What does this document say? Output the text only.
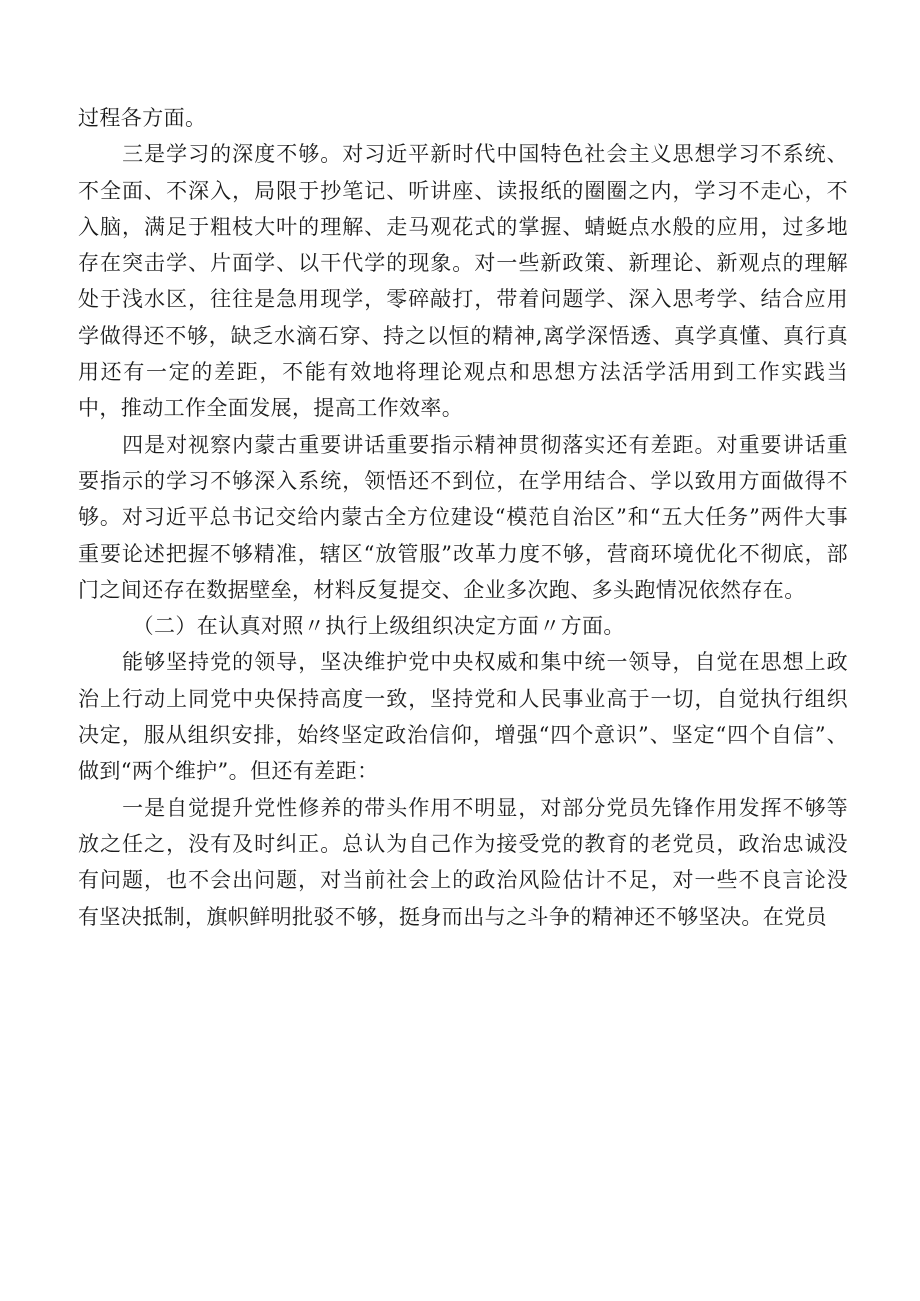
过程各方面。

三是学习的深度不够。对习近平新时代中国特色社会主义思想学习不系统、不全面、不深入，局限于抄笔记、听讲座、读报纸的圈圈之内，学习不走心，不入脑，满足于粗枝大叶的理解、走马观花式的掌握、蜻蜓点水般的应用，过多地存在突击学、片面学、以干代学的现象。对一些新政策、新理论、新观点的理解处于浅水区，往往是急用现学，零碎敲打，带着问题学、深入思考学、结合应用学做得还不够，缺乏水滴石穿、持之以恒的精神,离学深悟透、真学真懂、真行真用还有一定的差距，不能有效地将理论观点和思想方法活学活用到工作实践当中，推动工作全面发展，提高工作效率。

四是对视察内蒙古重要讲话重要指示精神贯彻落实还有差距。对重要讲话重要指示的学习不够深入系统，领悟还不到位，在学用结合、学以致用方面做得不够。对习近平总书记交给内蒙古全方位建设“模范自治区”和“五大任务”两件大事重要论述把握不够精准，辖区“放管服”改革力度不够，营商环境优化不彻底，部门之间还存在数据壁垒，材料反复提交、企业多次跑、多头跑情况依然存在。

（二）在认真对照〃执行上级组织决定方面〃方面。

能够坚持党的领导，坚决维护党中央权威和集中统一领导，自觉在思想上政治上行动上同党中央保持高度一致，坚持党和人民事业高于一切，自觉执行组织决定，服从组织安排，始终坚定政治信仰，增强“四个意识”、坚定“四个自信”、做到“两个维护”。但还有差距：

一是自觉提升党性修养的带头作用不明显，对部分党员先锋作用发挥不够等放之任之，没有及时纠正。总认为自己作为接受党的教育的老党员，政治忠诚没有问题，也不会出问题，对当前社会上的政治风险估计不足，对一些不良言论没有坚决抵制，旗帜鲜明批驳不够，挺身而出与之斗争的精神还不够坚决。在党员
